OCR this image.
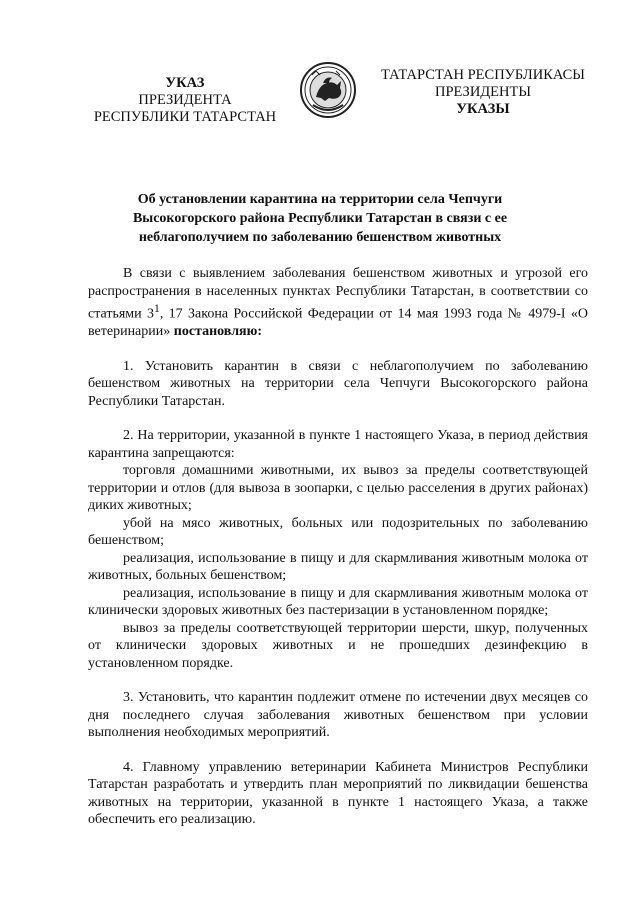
УКАЗ
ПРЕЗИДЕНТА
РЕСПУБЛИКИ ТАТАРСТАН
ТАТАРСТАН РЕСПУБЛИКАСЫ
ПРЕЗИДЕНТЫ
УКАЗЫ
Об установлении карантина на территории села Чепчуги
Высокогорского района Республики Татарстан в связи с ее
неблагополучием по заболеванию бешенством животных

В связи с выявлением заболевания бешенством животных и угрозой его распространения в населенных пунктах Республики Татарстан, в соответствии со статьями $3^1$, 17 Закона Российской Федерации от 14 мая 1993 года № 4979-I «О ветеринарии» постановляю:

1. Установить карантин в связи с неблагополучием по заболеванию бешенством животных на территории села Чепчуги Высокогорского района Республики Татарстан.

2. На территории, указанной в пункте 1 настоящего Указа, в период действия карантина запрещаются:

торговля домашними животными, их вывоз за пределы соответствующей территории и отлов (для вывоза в зоопарки, с целью расселения в других районах) диких животных;

убой на мясо животных, больных или подозрительных по заболеванию бешенством;

реализация, использование в пищу и для скармливания животным молока от животных, больных бешенством;

реализация, использование в пищу и для скармливания животным молока от клинически здоровых животных без пастеризации в установленном порядке;

вывоз за пределы соответствующей территории шерсти, шкур, полученных от клинически здоровых животных и не прошедших дезинфекцию в установленном порядке.

3. Установить, что карантин подлежит отмене по истечении двух месяцев со дня последнего случая заболевания животных бешенством при условии выполнения необходимых мероприятий.

4. Главному управлению ветеринарии Кабинета Министров Республики Татарстан разработать и утвердить план мероприятий по ликвидации бешенства животных на территории, указанной в пункте 1 настоящего Указа, а также обеспечить его реализацию.
